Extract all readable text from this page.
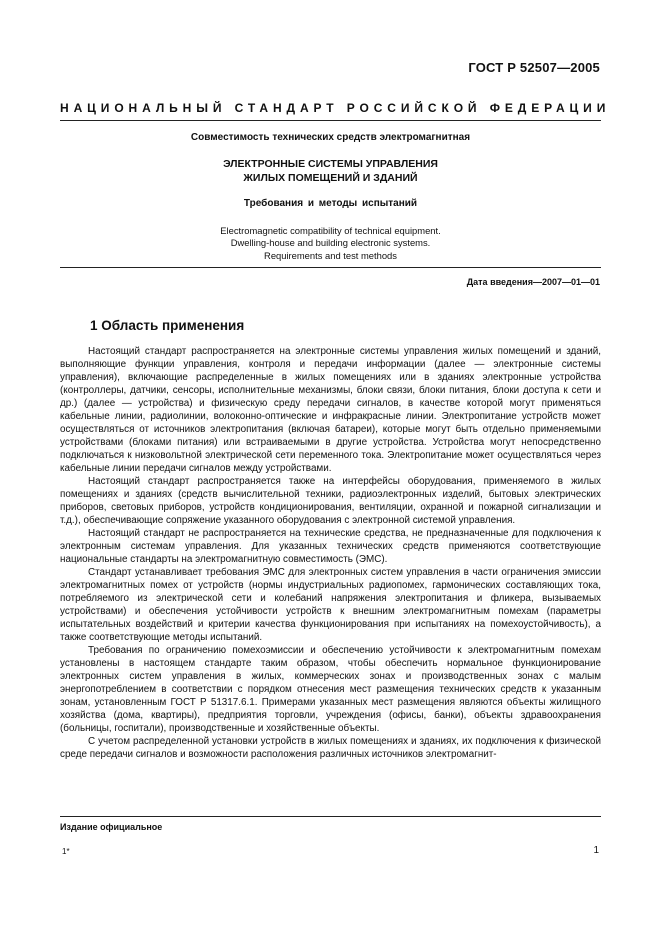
ГОСТ Р 52507—2005
НАЦИОНАЛЬНЫЙ СТАНДАРТ РОССИЙСКОЙ ФЕДЕРАЦИИ
Совместимость технических средств электромагнитная
ЭЛЕКТРОННЫЕ СИСТЕМЫ УПРАВЛЕНИЯ
ЖИЛЫХ ПОМЕЩЕНИЙ И ЗДАНИЙ
Требования и методы испытаний
Electromagnetic compatibility of technical equipment.
Dwelling-house and building electronic systems.
Requirements and test methods
Дата введения—2007—01—01
1 Область применения

Настоящий стандарт распространяется на электронные системы управления жилых помещений и зданий, выполняющие функции управления, контроля и передачи информации (далее — электронные системы управления), включающие распределенные в жилых помещениях или в зданиях электронные устройства (контроллеры, датчики, сенсоры, исполнительные механизмы, блоки связи, блоки питания, блоки доступа к сети и др.) (далее — устройства) и физическую среду передачи сигналов, в качестве которой могут применяться кабельные линии, радиолинии, волоконно-оптические и инфракрасные линии. Электропитание устройств может осуществляться от источников электропитания (включая батареи), которые могут быть отдельно применяемыми устройствами (блоками питания) или встраиваемыми в другие устройства. Устройства могут непосредственно подключаться к низковольтной электрической сети переменного тока. Электропитание может осуществляться через кабельные линии передачи сигналов между устройствами.

Настоящий стандарт распространяется также на интерфейсы оборудования, применяемого в жилых помещениях и зданиях (средств вычислительной техники, радиоэлектронных изделий, бытовых электрических приборов, световых приборов, устройств кондиционирования, вентиляции, охранной и пожарной сигнализации и т.д.), обеспечивающие сопряжение указанного оборудования с электронной системой управления.

Настоящий стандарт не распространяется на технические средства, не предназначенные для подключения к электронным системам управления. Для указанных технических средств применяются соответствующие национальные стандарты на электромагнитную совместимость (ЭМС).

Стандарт устанавливает требования ЭМС для электронных систем управления в части ограничения эмиссии электромагнитных помех от устройств (нормы индустриальных радиопомех, гармонических составляющих тока, потребляемого из электрической сети и колебаний напряжения электропитания и фликера, вызываемых устройствами) и обеспечения устойчивости устройств к внешним электромагнитным помехам (параметры испытательных воздействий и критерии качества функционирования при испытаниях на помехоустойчивость), а также соответствующие методы испытаний.

Требования по ограничению помехоэмиссии и обеспечению устойчивости к электромагнитным помехам установлены в настоящем стандарте таким образом, чтобы обеспечить нормальное функционирование электронных систем управления в жилых, коммерческих зонах и производственных зонах с малым энергопотреблением в соответствии с порядком отнесения мест размещения технических средств к указанным зонам, установленным ГОСТ Р 51317.6.1. Примерами указанных мест размещения являются объекты жилищного хозяйства (дома, квартиры), предприятия торговли, учреждения (офисы, банки), объекты здравоохранения (больницы, госпитали), производственные и хозяйственные объекты.

С учетом распределенной установки устройств в жилых помещениях и зданиях, их подключения к физической среде передачи сигналов и возможности расположения различных источников электромагнит-

Издание официальное
1*	1
